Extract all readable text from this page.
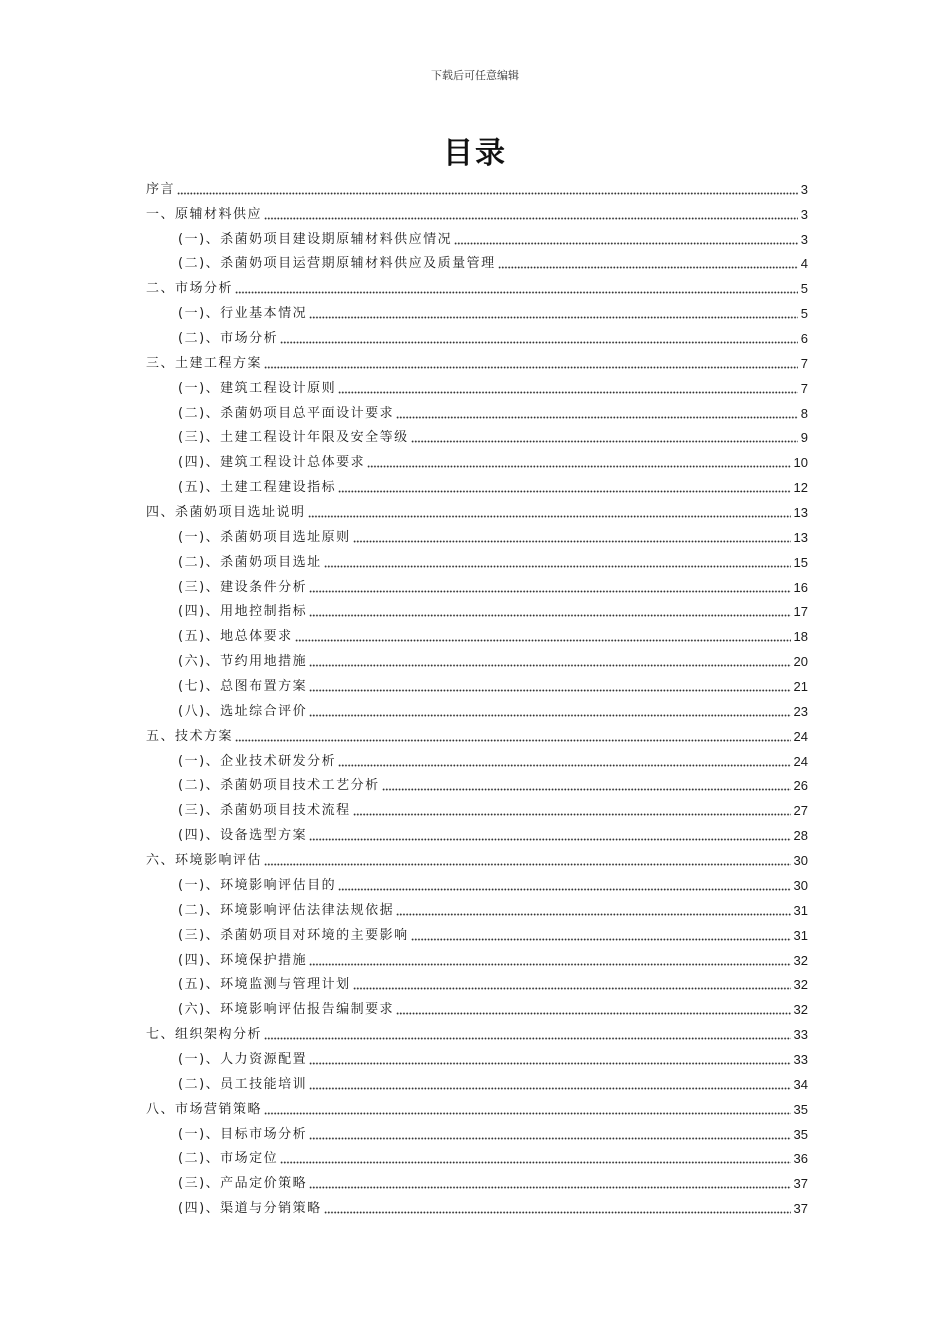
下载后可任意编辑
目录
序言	3
一、原辅材料供应	3
(一)、杀菌奶项目建设期原辅材料供应情况	3
(二)、杀菌奶项目运营期原辅材料供应及质量管理	4
二、市场分析	5
(一)、行业基本情况	5
(二)、市场分析	6
三、土建工程方案	7
(一)、建筑工程设计原则	7
(二)、杀菌奶项目总平面设计要求	8
(三)、土建工程设计年限及安全等级	9
(四)、建筑工程设计总体要求	10
(五)、土建工程建设指标	12
四、杀菌奶项目选址说明	13
(一)、杀菌奶项目选址原则	13
(二)、杀菌奶项目选址	15
(三)、建设条件分析	16
(四)、用地控制指标	17
(五)、地总体要求	18
(六)、节约用地措施	20
(七)、总图布置方案	21
(八)、选址综合评价	23
五、技术方案	24
(一)、企业技术研发分析	24
(二)、杀菌奶项目技术工艺分析	26
(三)、杀菌奶项目技术流程	27
(四)、设备选型方案	28
六、环境影响评估	30
(一)、环境影响评估目的	30
(二)、环境影响评估法律法规依据	31
(三)、杀菌奶项目对环境的主要影响	31
(四)、环境保护措施	32
(五)、环境监测与管理计划	32
(六)、环境影响评估报告编制要求	32
七、组织架构分析	33
(一)、人力资源配置	33
(二)、员工技能培训	34
八、市场营销策略	35
(一)、目标市场分析	35
(二)、市场定位	36
(三)、产品定价策略	37
(四)、渠道与分销策略	37
